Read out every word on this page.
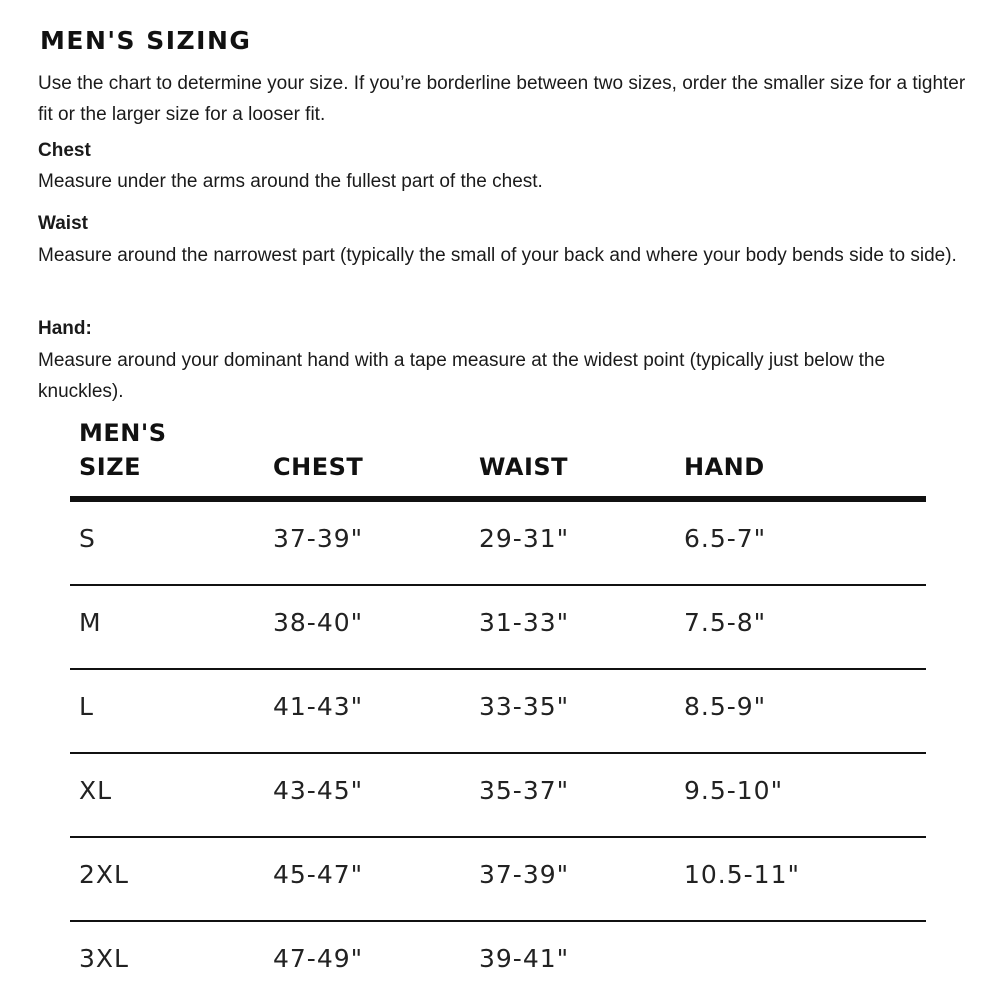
MEN'S SIZING
Use the chart to determine your size. If you’re borderline between two sizes, order the smaller size for a tighter fit or the larger size for a looser fit.
Chest
Measure under the arms around the fullest part of the chest.
Waist
Measure around the narrowest part (typically the small of your back and where your body bends side to side).
Hand:
Measure around your dominant hand with a tape measure at the widest point (typically just below the knuckles).
MEN'S
SIZE	CHEST	WAIST	HAND
S	37-39"	29-31"	6.5-7"
M	38-40"	31-33"	7.5-8"
L	41-43"	33-35"	8.5-9"
XL	43-45"	35-37"	9.5-10"
2XL	45-47"	37-39"	10.5-11"
3XL	47-49"	39-41"
